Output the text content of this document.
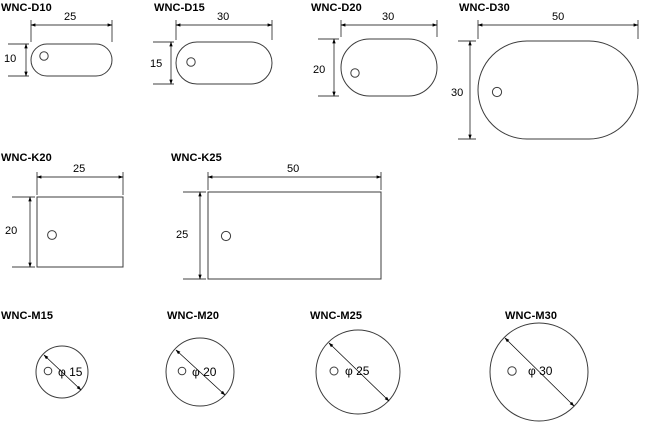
WNC-D10	WNC-D15	WNC-D20	WNC-D30
25
10
30
15
30
20
50
30
WNC-K20	WNC-K25
25
20
50
25
WNC-M15	WNC-M20	WNC-M25	WNC-M30
φ 15	φ 20	φ 25	φ 30
